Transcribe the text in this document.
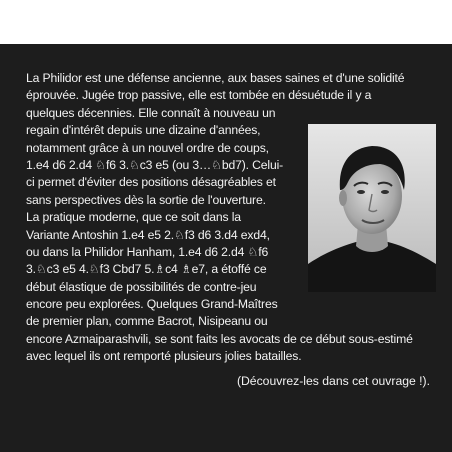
La Philidor est une défense ancienne, aux bases saines et d'une solidité
éprouvée. Jugée trop passive, elle est tombée en désuétude il y a
quelques décennies. Elle connaît à nouveau un
regain d'intérêt depuis une dizaine d'années,
notamment grâce à un nouvel ordre de coups,
1.e4 d6 2.d4 ♘f6 3.♘c3 e5 (ou 3…♘bd7). Celui-
ci permet d'éviter des positions désagréables et
sans perspectives dès la sortie de l'ouverture.
La pratique moderne, que ce soit dans la
Variante Antoshin 1.e4 e5 2.♘f3 d6 3.d4 exd4,
ou dans la Philidor Hanham, 1.e4 d6 2.d4 ♘f6
3.♘c3 e5 4.♘f3 Cbd7 5.♗c4 ♗e7, a étoffé ce
début élastique de possibilités de contre-jeu
encore peu explorées. Quelques Grand-Maîtres
de premier plan, comme Bacrot, Nisipeanu ou
encore Azmaiparashvili, se sont faits les avocats de ce début sous-estimé
avec lequel ils ont remporté plusieurs jolies batailles.
(Découvrez-les dans cet ouvrage !).
